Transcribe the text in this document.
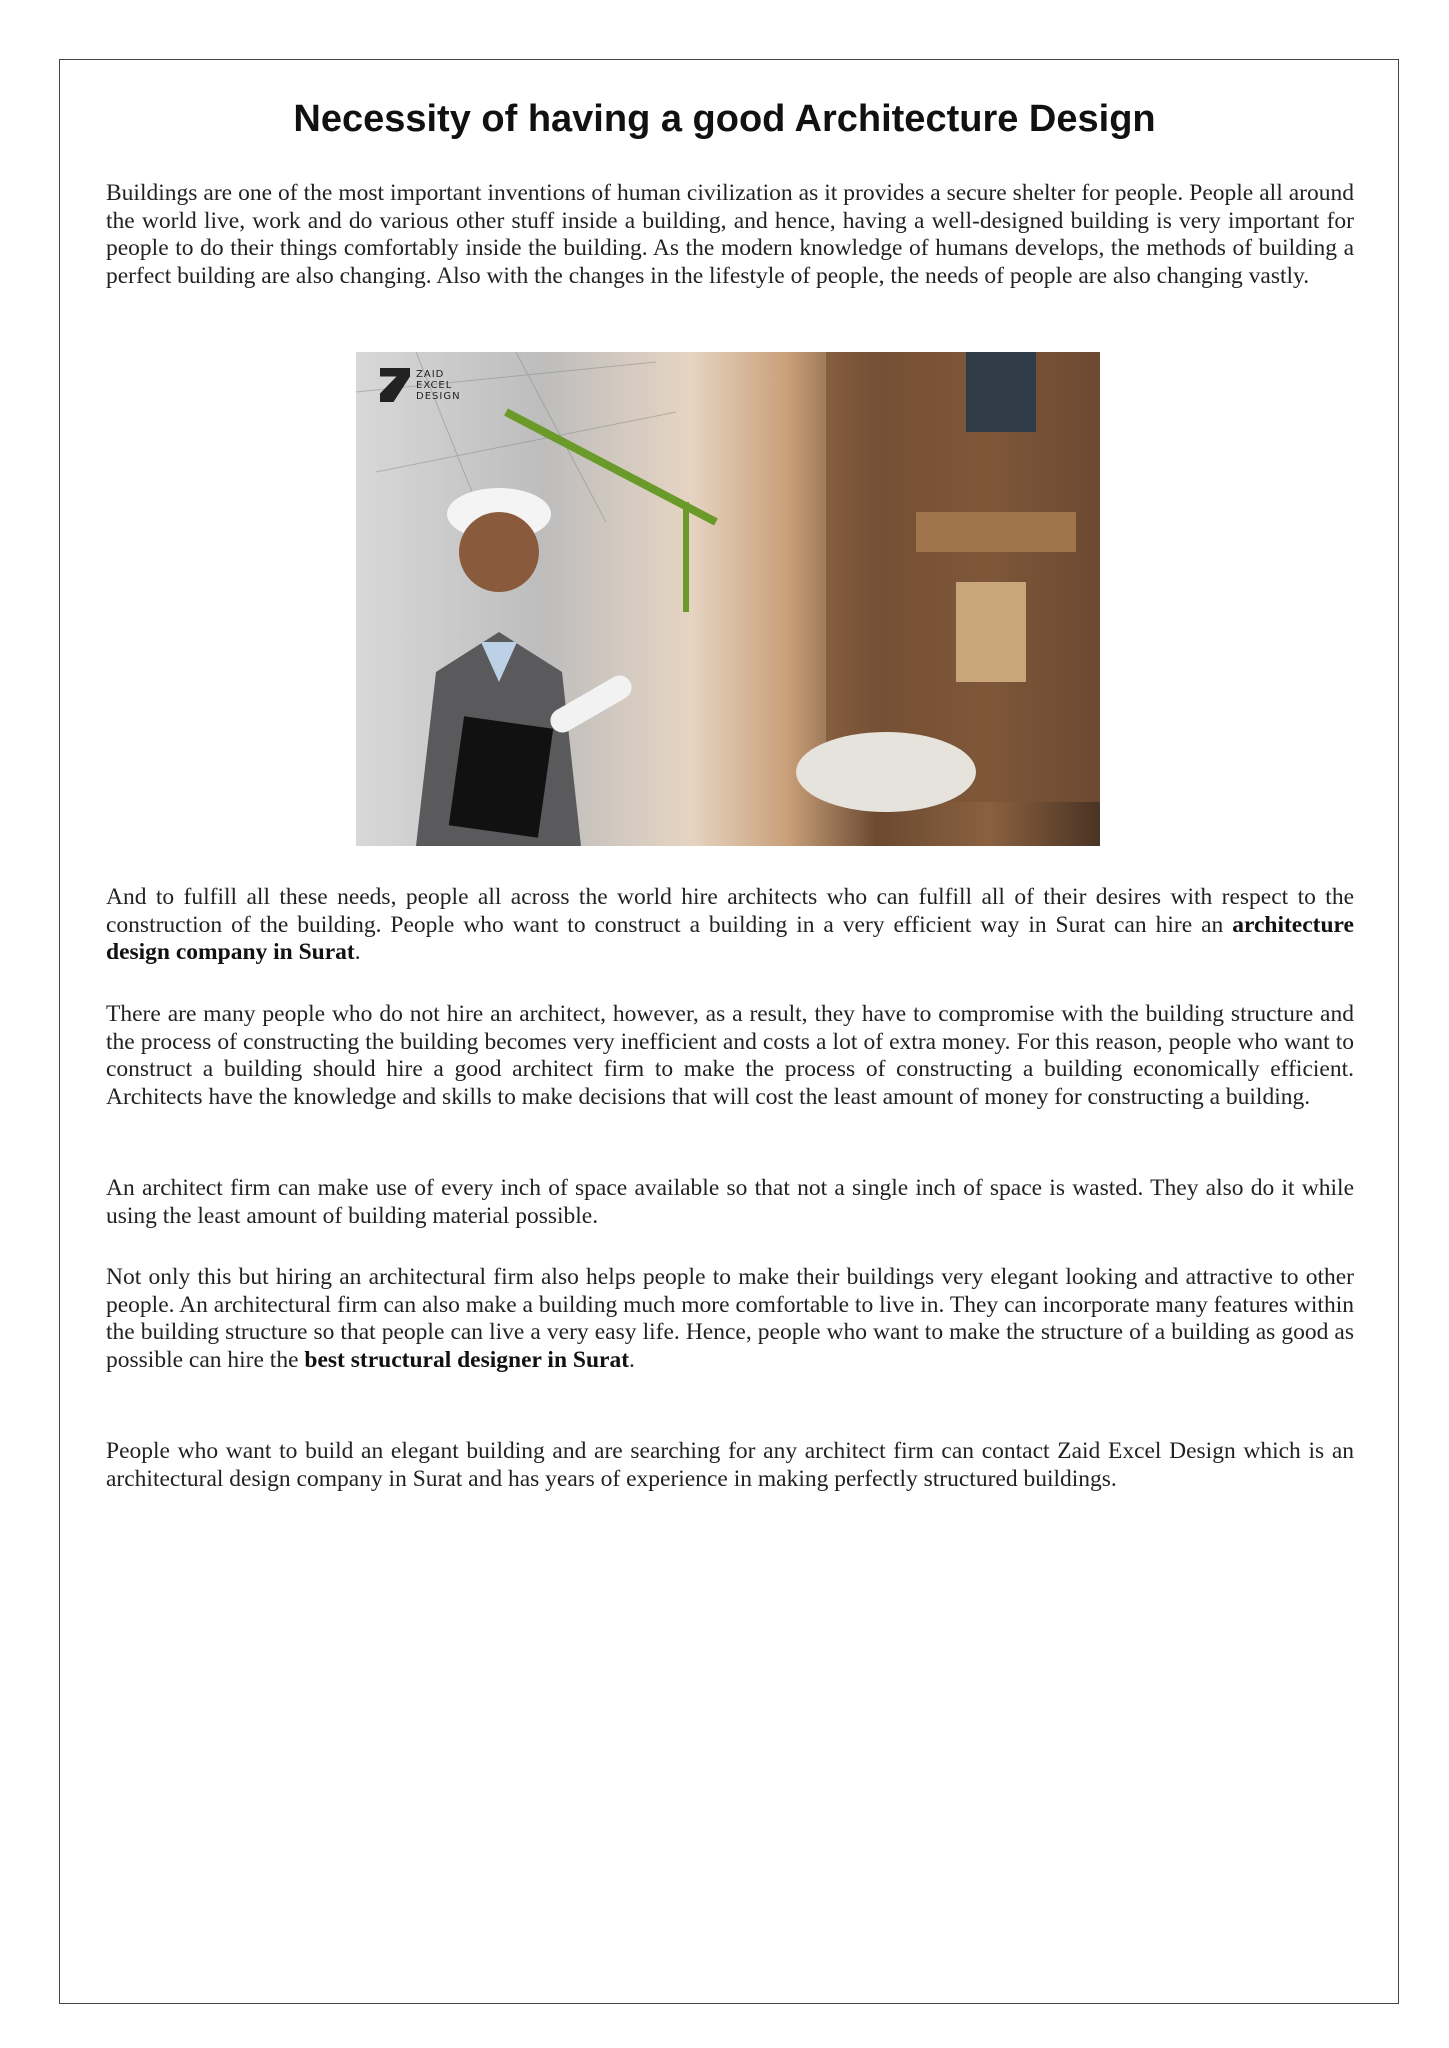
Necessity of having a good Architecture Design

Buildings are one of the most important inventions of human civilization as it provides a secure shelter for people. People all around the world live, work and do various other stuff inside a building, and hence, having a well-designed building is very important for people to do their things comfortably inside the building. As the modern knowledge of humans develops, the methods of building a perfect building are also changing. Also with the changes in the lifestyle of people, the needs of people are also changing vastly.

ZAID
EXCEL
DESIGN

And to fulfill all these needs, people all across the world hire architects who can fulfill all of their desires with respect to the construction of the building. People who want to construct a building in a very efficient way in Surat can hire an architecture design company in Surat.

There are many people who do not hire an architect, however, as a result, they have to compromise with the building structure and the process of constructing the building becomes very inefficient and costs a lot of extra money. For this reason, people who want to construct a building should hire a good architect firm to make the process of constructing a building economically efficient. Architects have the knowledge and skills to make decisions that will cost the least amount of money for constructing a building.

An architect firm can make use of every inch of space available so that not a single inch of space is wasted. They also do it while using the least amount of building material possible.

Not only this but hiring an architectural firm also helps people to make their buildings very elegant looking and attractive to other people. An architectural firm can also make a building much more comfortable to live in. They can incorporate many features within the building structure so that people can live a very easy life. Hence, people who want to make the structure of a building as good as possible can hire the best structural designer in Surat.

People who want to build an elegant building and are searching for any architect firm can contact Zaid Excel Design which is an architectural design company in Surat and has years of experience in making perfectly structured buildings.
